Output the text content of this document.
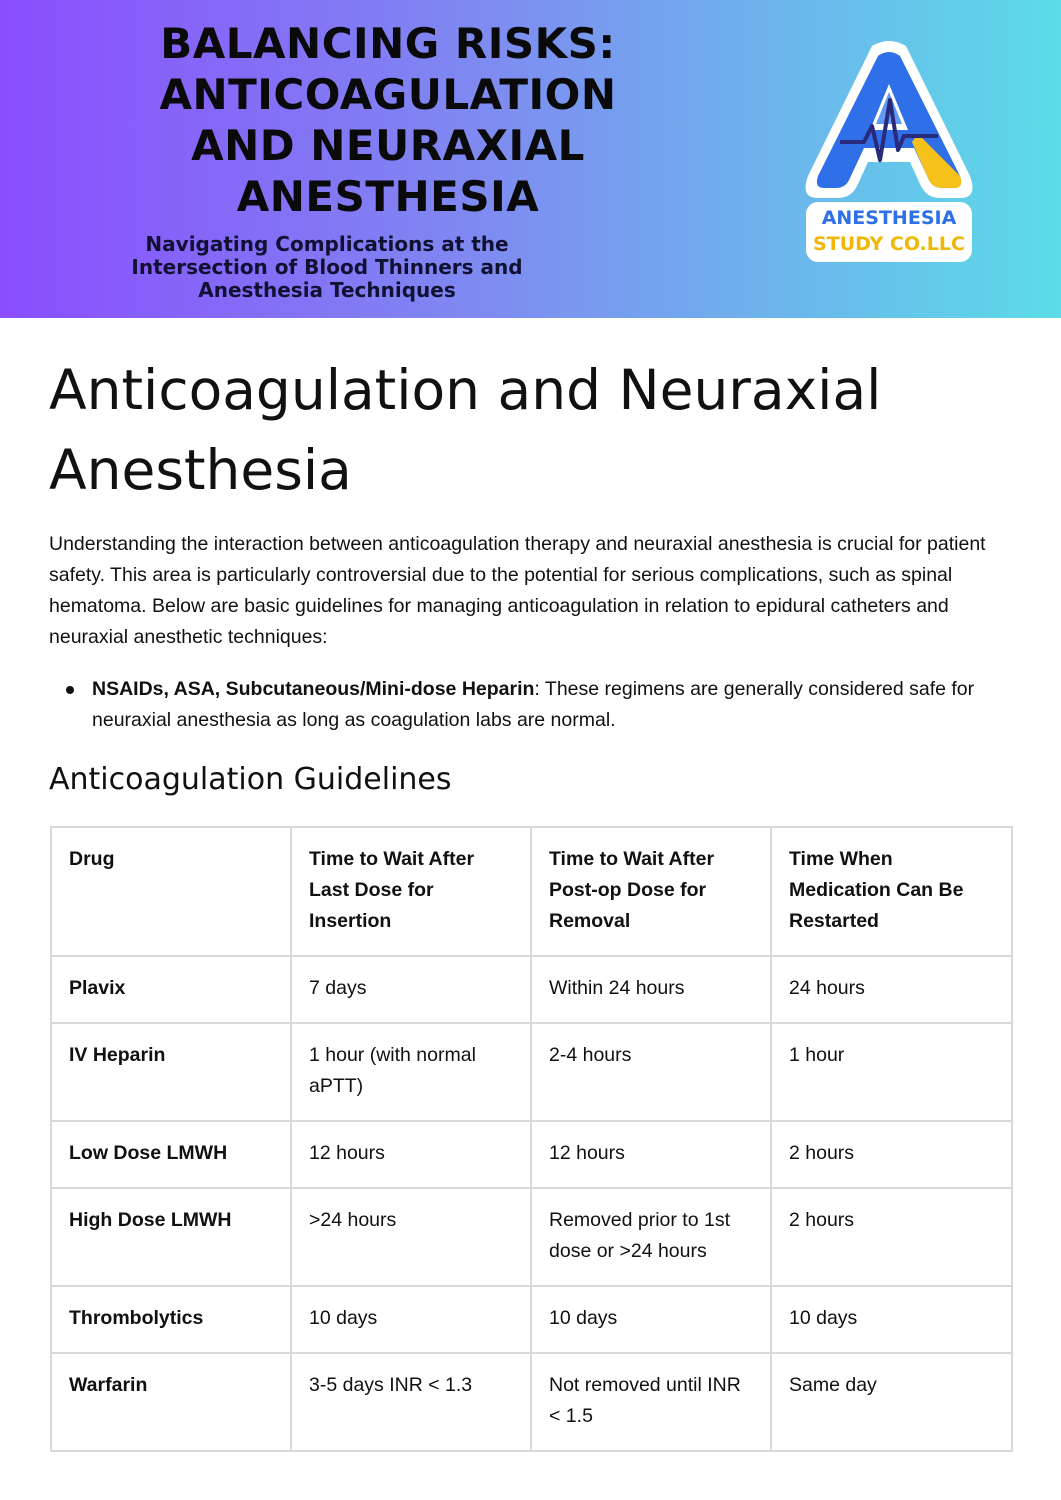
BALANCING RISKS:
ANTICOAGULATION
AND NEURAXIAL
ANESTHESIA

Navigating Complications at the
Intersection of Blood Thinners and
Anesthesia Techniques

ANESTHESIA
STUDY CO.LLC
Anticoagulation and Neuraxial Anesthesia

Understanding the interaction between anticoagulation therapy and neuraxial anesthesia is crucial for patient safety. This area is particularly controversial due to the potential for serious complications, such as spinal hematoma. Below are basic guidelines for managing anticoagulation in relation to epidural catheters and neuraxial anesthetic techniques:

NSAIDs, ASA, Subcutaneous/Mini-dose Heparin: These regimens are generally considered safe for neuraxial anesthesia as long as coagulation labs are normal.
Anticoagulation Guidelines
Drug	Time to Wait After Last Dose for Insertion	Time to Wait After Post-op Dose for Removal	Time When Medication Can Be Restarted
Plavix	7 days	Within 24 hours	24 hours
IV Heparin	1 hour (with normal aPTT)	2-4 hours	1 hour
Low Dose LMWH	12 hours	12 hours	2 hours
High Dose LMWH	>24 hours	Removed prior to 1st dose or >24 hours	2 hours
Thrombolytics	10 days	10 days	10 days
Warfarin	3-5 days INR < 1.3	Not removed until INR < 1.5	Same day
